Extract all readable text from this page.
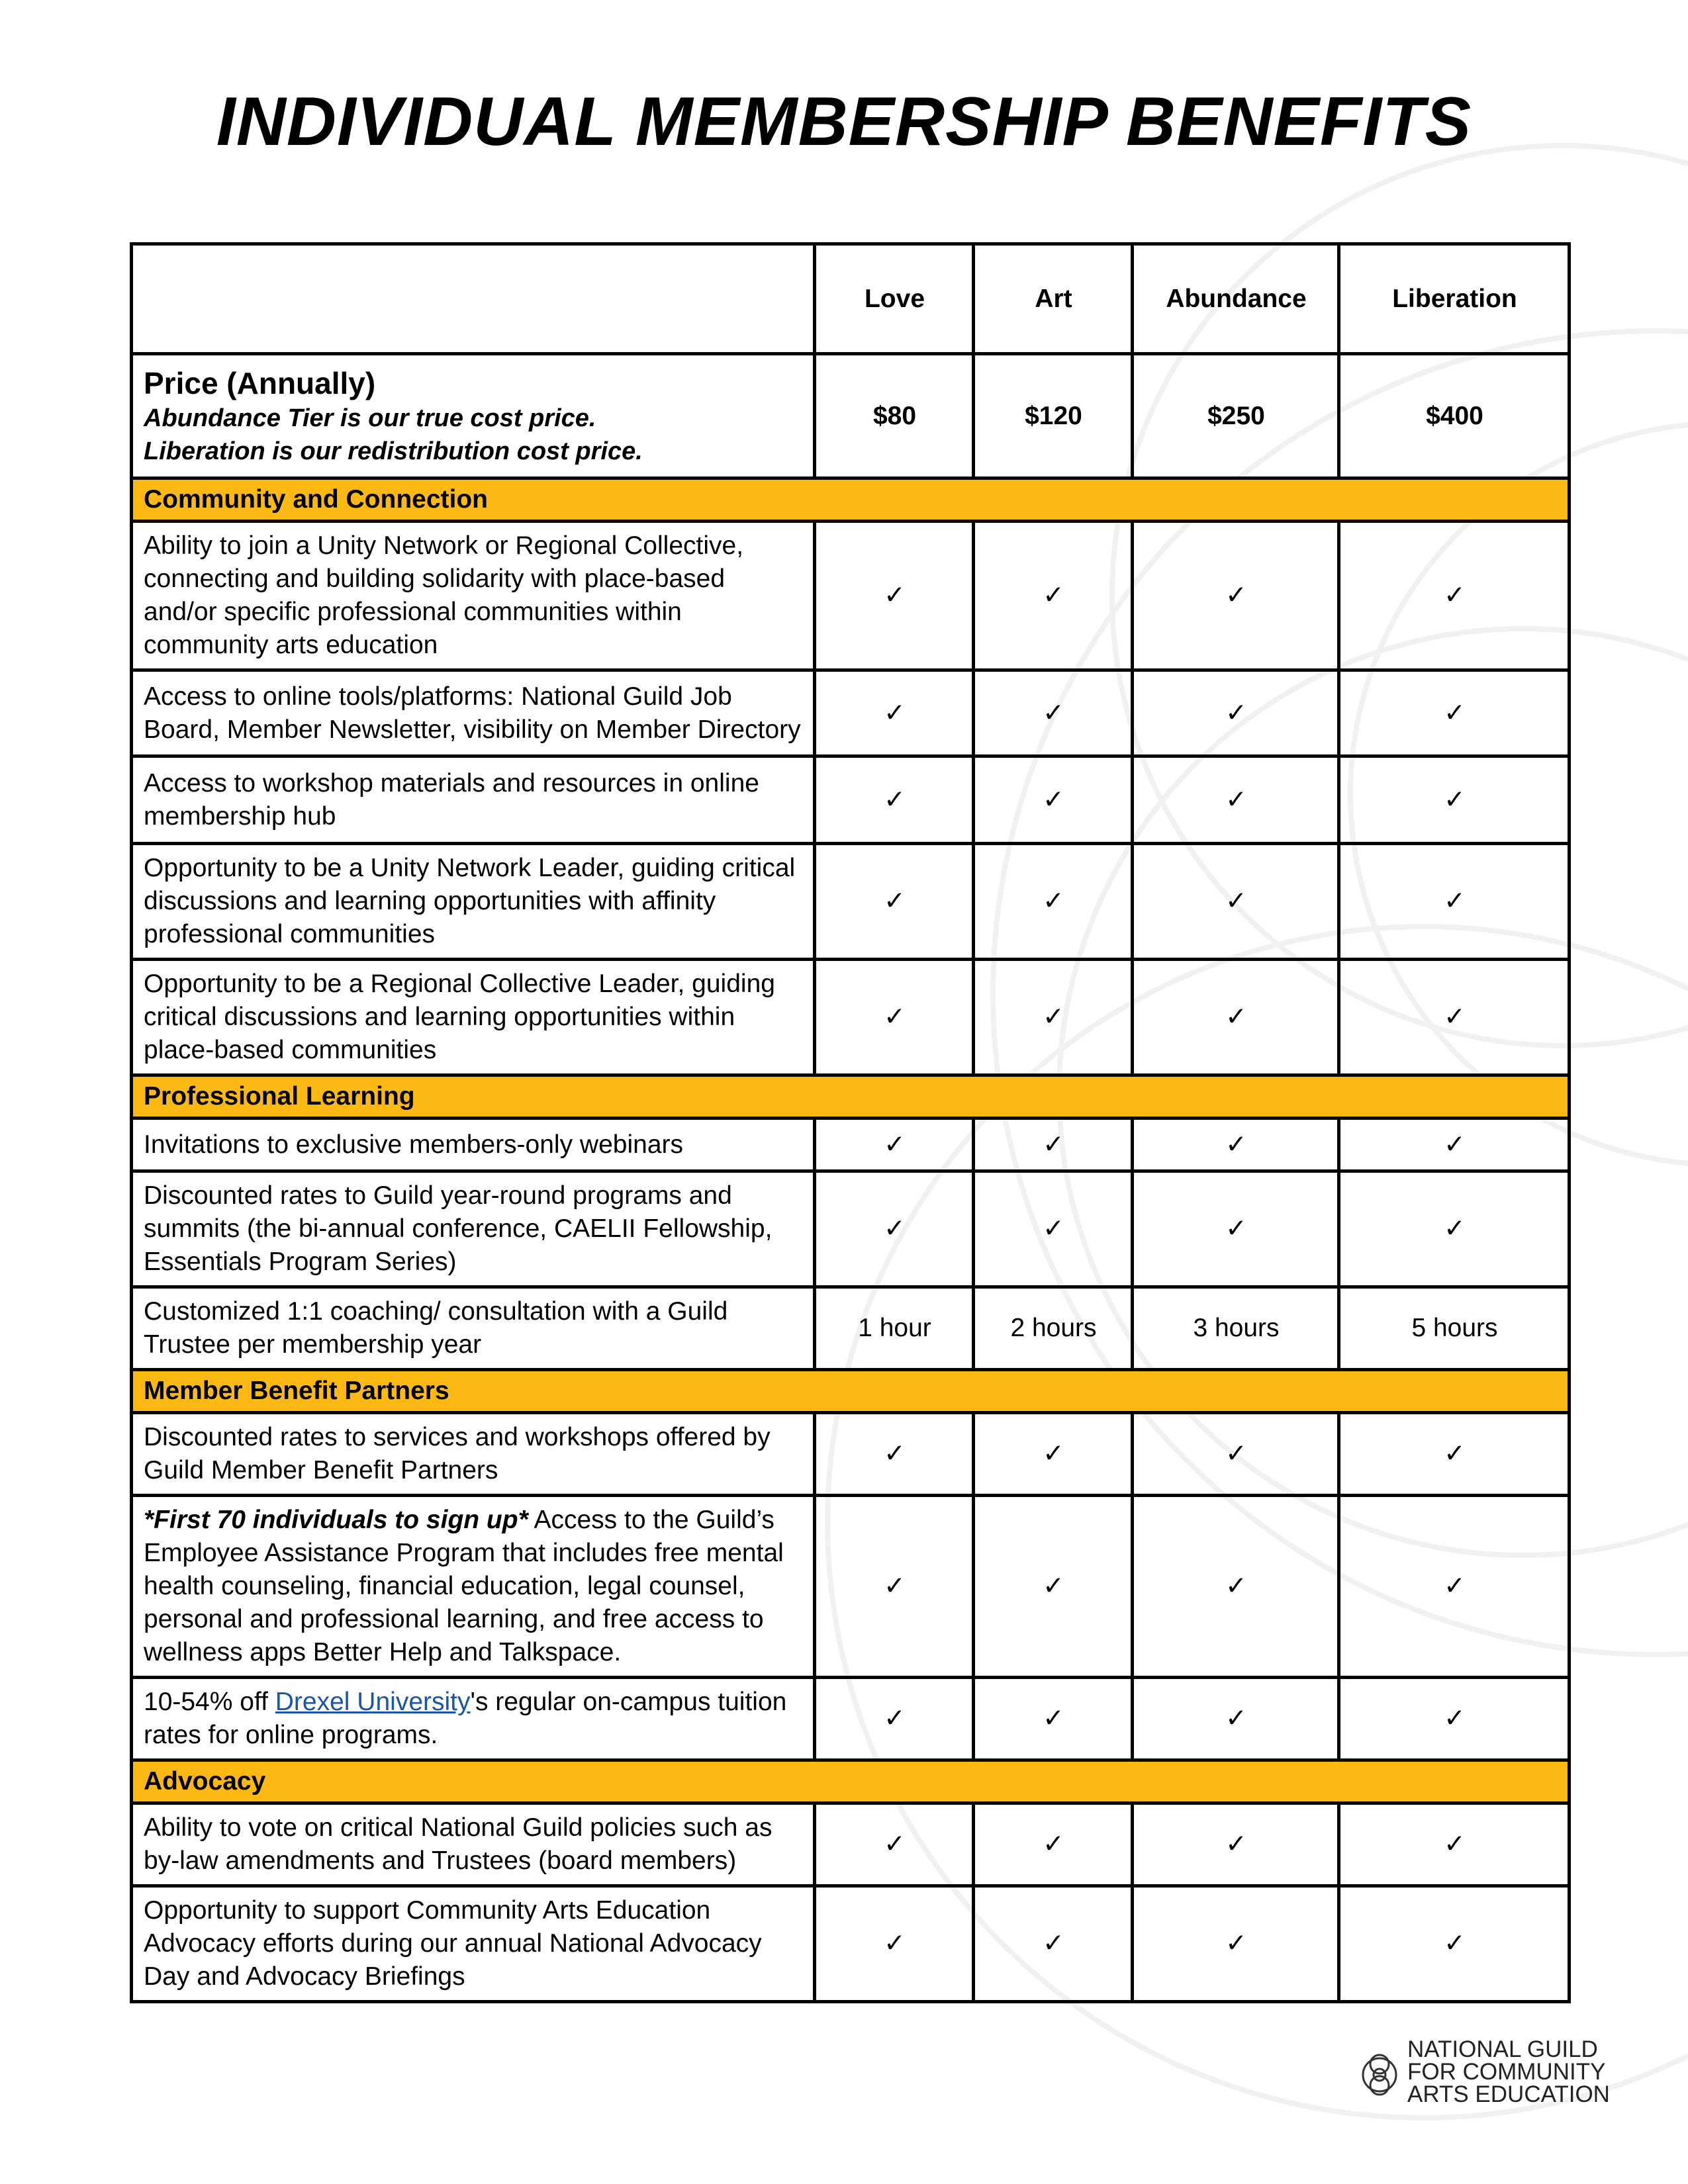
INDIVIDUAL MEMBERSHIP BENEFITS
	Love	Art	Abundance	Liberation

Price (Annually)
Abundance Tier is our true cost price.
Liberation is our redistribution cost price.	$80	$120	$250	$400
Community and Connection				
Ability to join a Unity Network or Regional Collective, connecting and building solidarity with place-based and/or specific professional communities within community arts education	✓	✓	✓	✓
Access to online tools/platforms: National Guild Job Board, Member Newsletter, visibility on Member Directory	✓	✓	✓	✓
Access to workshop materials and resources in online membership hub	✓	✓	✓	✓
Opportunity to be a Unity Network Leader, guiding critical discussions and learning opportunities with affinity professional communities	✓	✓	✓	✓
Opportunity to be a Regional Collective Leader, guiding critical discussions and learning opportunities within place-based communities	✓	✓	✓	✓
Professional Learning				
Invitations to exclusive members-only webinars	✓	✓	✓	✓
Discounted rates to Guild year-round programs and summits (the bi-annual conference, CAELII Fellowship, Essentials Program Series)	✓	✓	✓	✓
Customized 1:1 coaching/ consultation with a Guild Trustee per membership year	1 hour	2 hours	3 hours	5 hours
Member Benefit Partners				
Discounted rates to services and workshops offered by Guild Member Benefit Partners	✓	✓	✓	✓
*First 70 individuals to sign up* Access to the Guild’s Employee Assistance Program that includes free mental health counseling, financial education, legal counsel, personal and professional learning, and free access to wellness apps Better Help and Talkspace.	✓	✓	✓	✓
10-54% off Drexel University's regular on-campus tuition rates for online programs.	✓	✓	✓	✓
Advocacy				
Ability to vote on critical National Guild policies such as by-law amendments and Trustees (board members)	✓	✓	✓	✓
Opportunity to support Community Arts Education Advocacy efforts during our annual National Advocacy Day and Advocacy Briefings	✓	✓	✓	✓
NATIONAL GUILD
FOR COMMUNITY
ARTS EDUCATION
